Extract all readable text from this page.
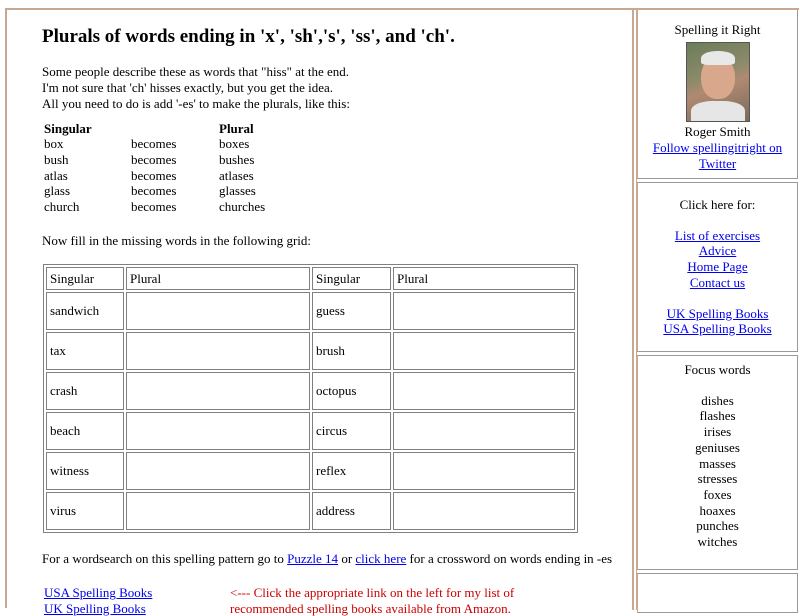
Plurals of words ending in 'x', 'sh','s', 'ss', and 'ch'.
Some people describe these as words that "hiss" at the end.
I'm not sure that 'ch' hisses exactly, but you get the idea.
All you need to do is add '-es' to make the plurals, like this:
Singular		Plural
box	becomes	boxes
bush	becomes	bushes
atlas	becomes	atlases
glass	becomes	glasses
church	becomes	churches
Now fill in the missing words in the following grid:
Singular	Plural	Singular	Plural
sandwich		guess	
tax		brush	
crash		octopus	
beach		circus	
witness		reflex	
virus		address	
For a wordsearch on this spelling pattern go to Puzzle 14 or click here for a crossword on words ending in -es
USA Spelling Books
UK Spelling Books
<--- Click the appropriate link on the left for my list of
recommended spelling books available from Amazon.
Spelling it Right
Roger Smith
Follow spellingitright on Twitter
Click here for:
List of exercises
Advice
Home Page
Contact us
UK Spelling Books
USA Spelling Books
Focus words
dishes
flashes
irises
geniuses
masses
stresses
foxes
hoaxes
punches
witches
